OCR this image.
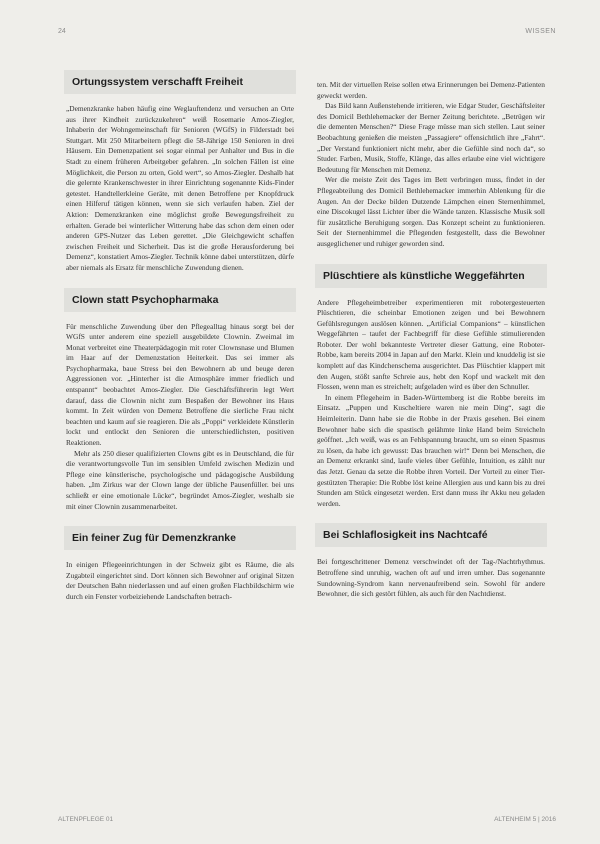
24	WISSEN
Ortungssystem verschafft Freiheit

„Demenzkranke haben häufig eine Weglauftendenz und versuchen an Orte aus ihrer Kindheit zurückzukehren“ weiß Rosemarie Amos-Ziegler, Inhaberin der Wohngemeinschaft für Senioren (WGfS) in Filderstadt bei Stuttgart. Mit 250 Mitarbeitern pflegt die 58-Jährige 150 Senioren in drei Häusern. Ein Demenzpatient sei sogar einmal per Anhalter und Bus in die Stadt zu einem früheren Arbeitgeber gefahren. „In solchen Fällen ist eine Möglichkeit, die Person zu orten, Gold wert“, so Amos-Ziegler. Deshalb hat die gelernte Krankenschwester in ihrer Einrichtung sogenannte Kids-Finder getestet. Handtellerkleine Geräte, mit denen Betroffene per Knopfdruck einen Hilferuf tätigen können, wenn sie sich verlaufen haben. Ziel der Aktion: Demenzkranken eine möglichst große Bewegungsfreiheit zu erhalten. Gerade bei winterlicher Witterung habe das schon dem einen oder anderen GPS-Nutzer das Leben gerettet. „Die Gleichgewicht schaffen zwischen Freiheit und Sicherheit. Das ist die große Herausforderung bei Demenz“, konstatiert Amos-Ziegler. Technik könne dabei unterstützen, dürfe aber niemals als Ersatz für menschliche Zuwendung dienen.

Clown statt Psychopharmaka

Für menschliche Zuwendung über den Pflegealltag hinaus sorgt bei der WGfS unter anderem eine speziell ausgebildete Clownin. Zweimal im Monat verbreitet eine Theaterpädagogin mit roter Clownsnase und Blumen im Haar auf der Demenzstation Heiterkeit. Das sei immer als Psychopharmaka, baue Stress bei den Bewohnern ab und beuge deren Aggressionen vor. „Hinterher ist die Atmosphäre immer friedlich und entspannt“ beobachtet Amos-Ziegler. Die Geschäftsführerin legt Wert darauf, dass die Clownin nicht zum Bespaßen der Bewohner ins Haus kommt. In Zeit würden von Demenz Betroffene die sierliche Frau nicht beachten und kaum auf sie reagieren. Die als „Poppi“ verkleidete Künstlerin lockt und entlockt den Senioren die unterschiedlichsten, positiven Reaktionen.

Mehr als 250 dieser qualifizierten Clowns gibt es in Deutschland, die für die verantwortungsvolle Tun im sensiblen Umfeld zwischen Medizin und Pflege eine künstlerische, psychologische und pädagogische Ausbildung haben. „Im Zirkus war der Clown lange der übliche Pausenfüller. bei uns schließt er eine emotionale Lücke“, begründet Amos-Ziegler, weshalb sie mit einer Clownin zusammenarbeitet.

Ein feiner Zug für Demenzkranke

In einigen Pflegeeinrichtungen in der Schweiz gibt es Räume, die als Zugabteil eingerichtet sind. Dort können sich Bewohner auf original Sitzen der Deutschen Bahn niederlassen und auf einen großen Flachbildschirm wie durch ein Fenster vorbeiziehende Landschaften betrach-

ten. Mit der virtuellen Reise sollen etwa Erinnerungen bei Demenz-Patienten geweckt werden.

Das Bild kann Außenstehende irritieren, wie Edgar Studer, Geschäftsleiter des Domicil Bethlehemacker der Berner Zeitung berichtete. „Betrügen wir die dementen Menschen?“ Diese Frage müsse man sich stellen. Laut seiner Beobachtung genießen die meisten „Passagiere“ offensichtlich ihre „Fahrt“. „Der Verstand funktioniert nicht mehr, aber die Gefühle sind noch da“, so Studer. Farben, Musik, Stoffe, Klänge, das alles erlaube eine viel wichtigere Bedeutung für Menschen mit Demenz.

Wer die meiste Zeit des Tages im Bett verbringen muss, findet in der Pflegeabteilung des Domicil Bethlehemacker immerhin Ablenkung für die Augen. An der Decke bilden Dutzende Lämpchen einen Sternenhimmel, eine Discokugel lässt Lichter über die Wände tanzen. Klassische Musik soll für zusätzliche Beruhigung sorgen. Das Konzept scheint zu funktionieren. Seit der Sternenhimmel die Pflegenden festgestellt, dass die Bewohner ausgeglichener und ruhiger geworden sind.

Plüschtiere als künstliche Weggefährten

Andere Pflegeheimbetreiber experimentieren mit robotergesteuerten Plüschtieren, die scheinbar Emotionen zeigen und bei Bewohnern Gefühlsregungen auslösen können. „Artificial Companions“ – künstlichen Weggefährten – taufet der Fachbegriff für diese Gefühle stimulierenden Roboter. Der wohl bekannteste Vertreter dieser Gattung, eine Roboter-Robbe, kam bereits 2004 in Japan auf den Markt. Klein und knuddelig ist sie komplett auf das Kindchenschema ausgerichtet. Das Plüschtier klappert mit den Augen, stößt sanfte Schreie aus, hebt den Kopf und wackelt mit den Flossen, wenn man es streichelt; aufgeladen wird es über den Schnuller.

In einem Pflegeheim in Baden-Württemberg ist die Robbe bereits im Einsatz. „Puppen und Kuscheltiere waren nie mein Ding“, sagt die Heimleiterin. Dann habe sie die Robbe in der Praxis gesehen. Bei einem Bewohner habe sich die spastisch gelähmte linke Hand beim Streicheln geöffnet. „Ich weiß, was es an Fehlspannung braucht, um so einen Spasmus zu lösen, da habe ich gewusst: Das brauchen wir!“ Denn bei Menschen, die an Demenz erkrankt sind, laufe vieles über Gefühle, Intuition, es zählt nur das Jetzt. Genau da setze die Robbe ihren Vorteil. Der Vorteil zu einer Tier-gestützten Therapie: Die Robbe löst keine Allergien aus und kann bis zu drei Stunden am Stück eingesetzt werden. Erst dann muss ihr Akku neu geladen werden.

Bei Schlaflosigkeit ins Nachtcafé

Bei fortgeschrittener Demenz verschwindet oft der Tag-/Nachtrhythmus. Betroffene sind unruhig, wachen oft auf und irren umher. Das sogenannte Sundowning-Syndrom kann nervenaufreibend sein. Sowohl für andere Bewohner, die sich gestört fühlen, als auch für den Nachtdienst.

ALTENPFLEGE 01	ALTENHEIM 5 | 2016
